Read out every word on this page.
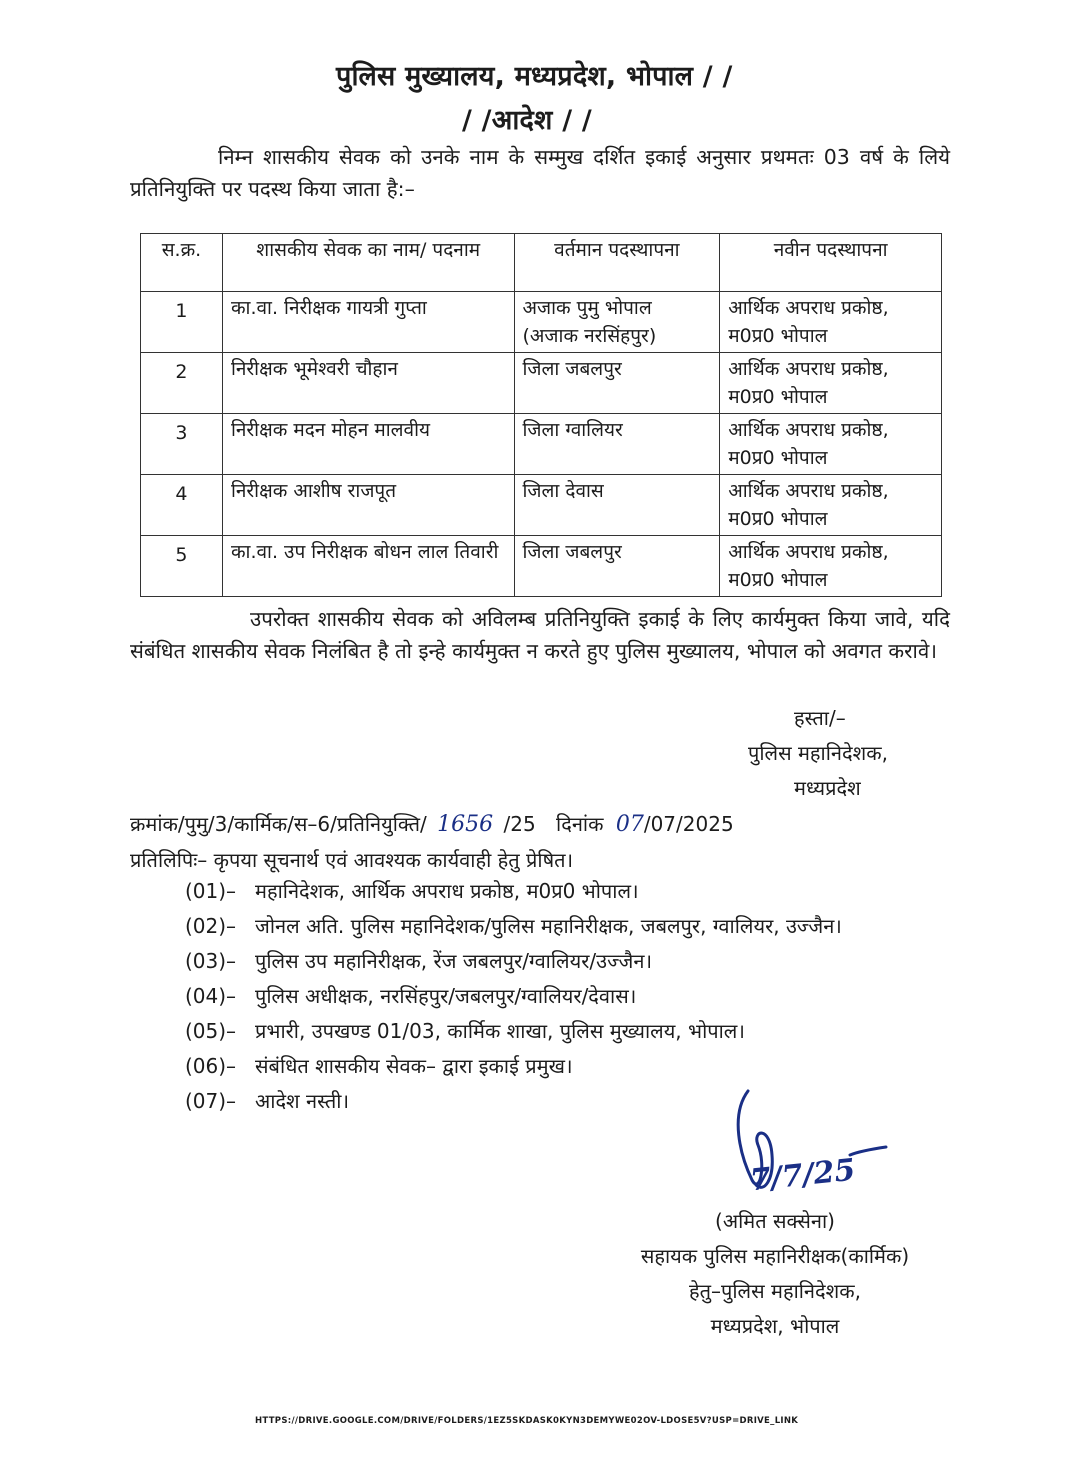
पुलिस मुख्यालय, मध्यप्रदेश, भोपाल / /
/ /आदेश / /
निम्न शासकीय सेवक को उनके नाम के सम्मुख दर्शित इकाई अनुसार प्रथमतः 03 वर्ष के लिये प्रतिनियुक्ति पर पदस्थ किया जाता है:–
स.क्र.	शासकीय सेवक का नाम/ पदनाम	वर्तमान पदस्थापना	नवीन पदस्थापना
1	का.वा. निरीक्षक गायत्री गुप्ता	अजाक पुमु भोपाल (अजाक नरसिंहपुर)	आर्थिक अपराध प्रकोष्ठ, म0प्र0 भोपाल
2	निरीक्षक भूमेश्वरी चौहान	जिला जबलपुर	आर्थिक अपराध प्रकोष्ठ, म0प्र0 भोपाल
3	निरीक्षक मदन मोहन मालवीय	जिला ग्वालियर	आर्थिक अपराध प्रकोष्ठ, म0प्र0 भोपाल
4	निरीक्षक आशीष राजपूत	जिला देवास	आर्थिक अपराध प्रकोष्ठ, म0प्र0 भोपाल
5	का.वा. उप निरीक्षक बोधन लाल तिवारी	जिला जबलपुर	आर्थिक अपराध प्रकोष्ठ, म0प्र0 भोपाल
उपरोक्त शासकीय सेवक को अविलम्ब प्रतिनियुक्ति इकाई के लिए कार्यमुक्त किया जावे, यदि संबंधित शासकीय सेवक निलंबित है तो इन्हे कार्यमुक्त न करते हुए पुलिस मुख्यालय, भोपाल को अवगत करावे।
हस्ता/–
पुलिस महानिदेशक,
मध्यप्रदेश
क्रमांक/पुमु/3/कार्मिक/स–6/प्रतिनियुक्ति/ 1656 /25 दिनांक 07/07/2025
प्रतिलिपिः– कृपया सूचनार्थ एवं आवश्यक कार्यवाही हेतु प्रेषित।
(01)– महानिदेशक, आर्थिक अपराध प्रकोष्ठ, म0प्र0 भोपाल।
(02)– जोनल अति. पुलिस महानिदेशक/पुलिस महानिरीक्षक, जबलपुर, ग्वालियर, उज्जैन।
(03)– पुलिस उप महानिरीक्षक, रेंज जबलपुर/ग्वालियर/उज्जैन।
(04)– पुलिस अधीक्षक, नरसिंहपुर/जबलपुर/ग्वालियर/देवास।
(05)– प्रभारी, उपखण्ड 01/03, कार्मिक शाखा, पुलिस मुख्यालय, भोपाल।
(06)– संबंधित शासकीय सेवक– द्वारा इकाई प्रमुख।
(07)– आदेश नस्ती।
7/7/25
(अमित सक्सेना)
सहायक पुलिस महानिरीक्षक(कार्मिक)
हेतु–पुलिस महानिदेशक,
मध्यप्रदेश, भोपाल
HTTPS://DRIVE.GOOGLE.COM/DRIVE/FOLDERS/1EZ5SKDASK0KYN3DEMYWE02OV-LDOSE5V?USP=DRIVE_LINK
